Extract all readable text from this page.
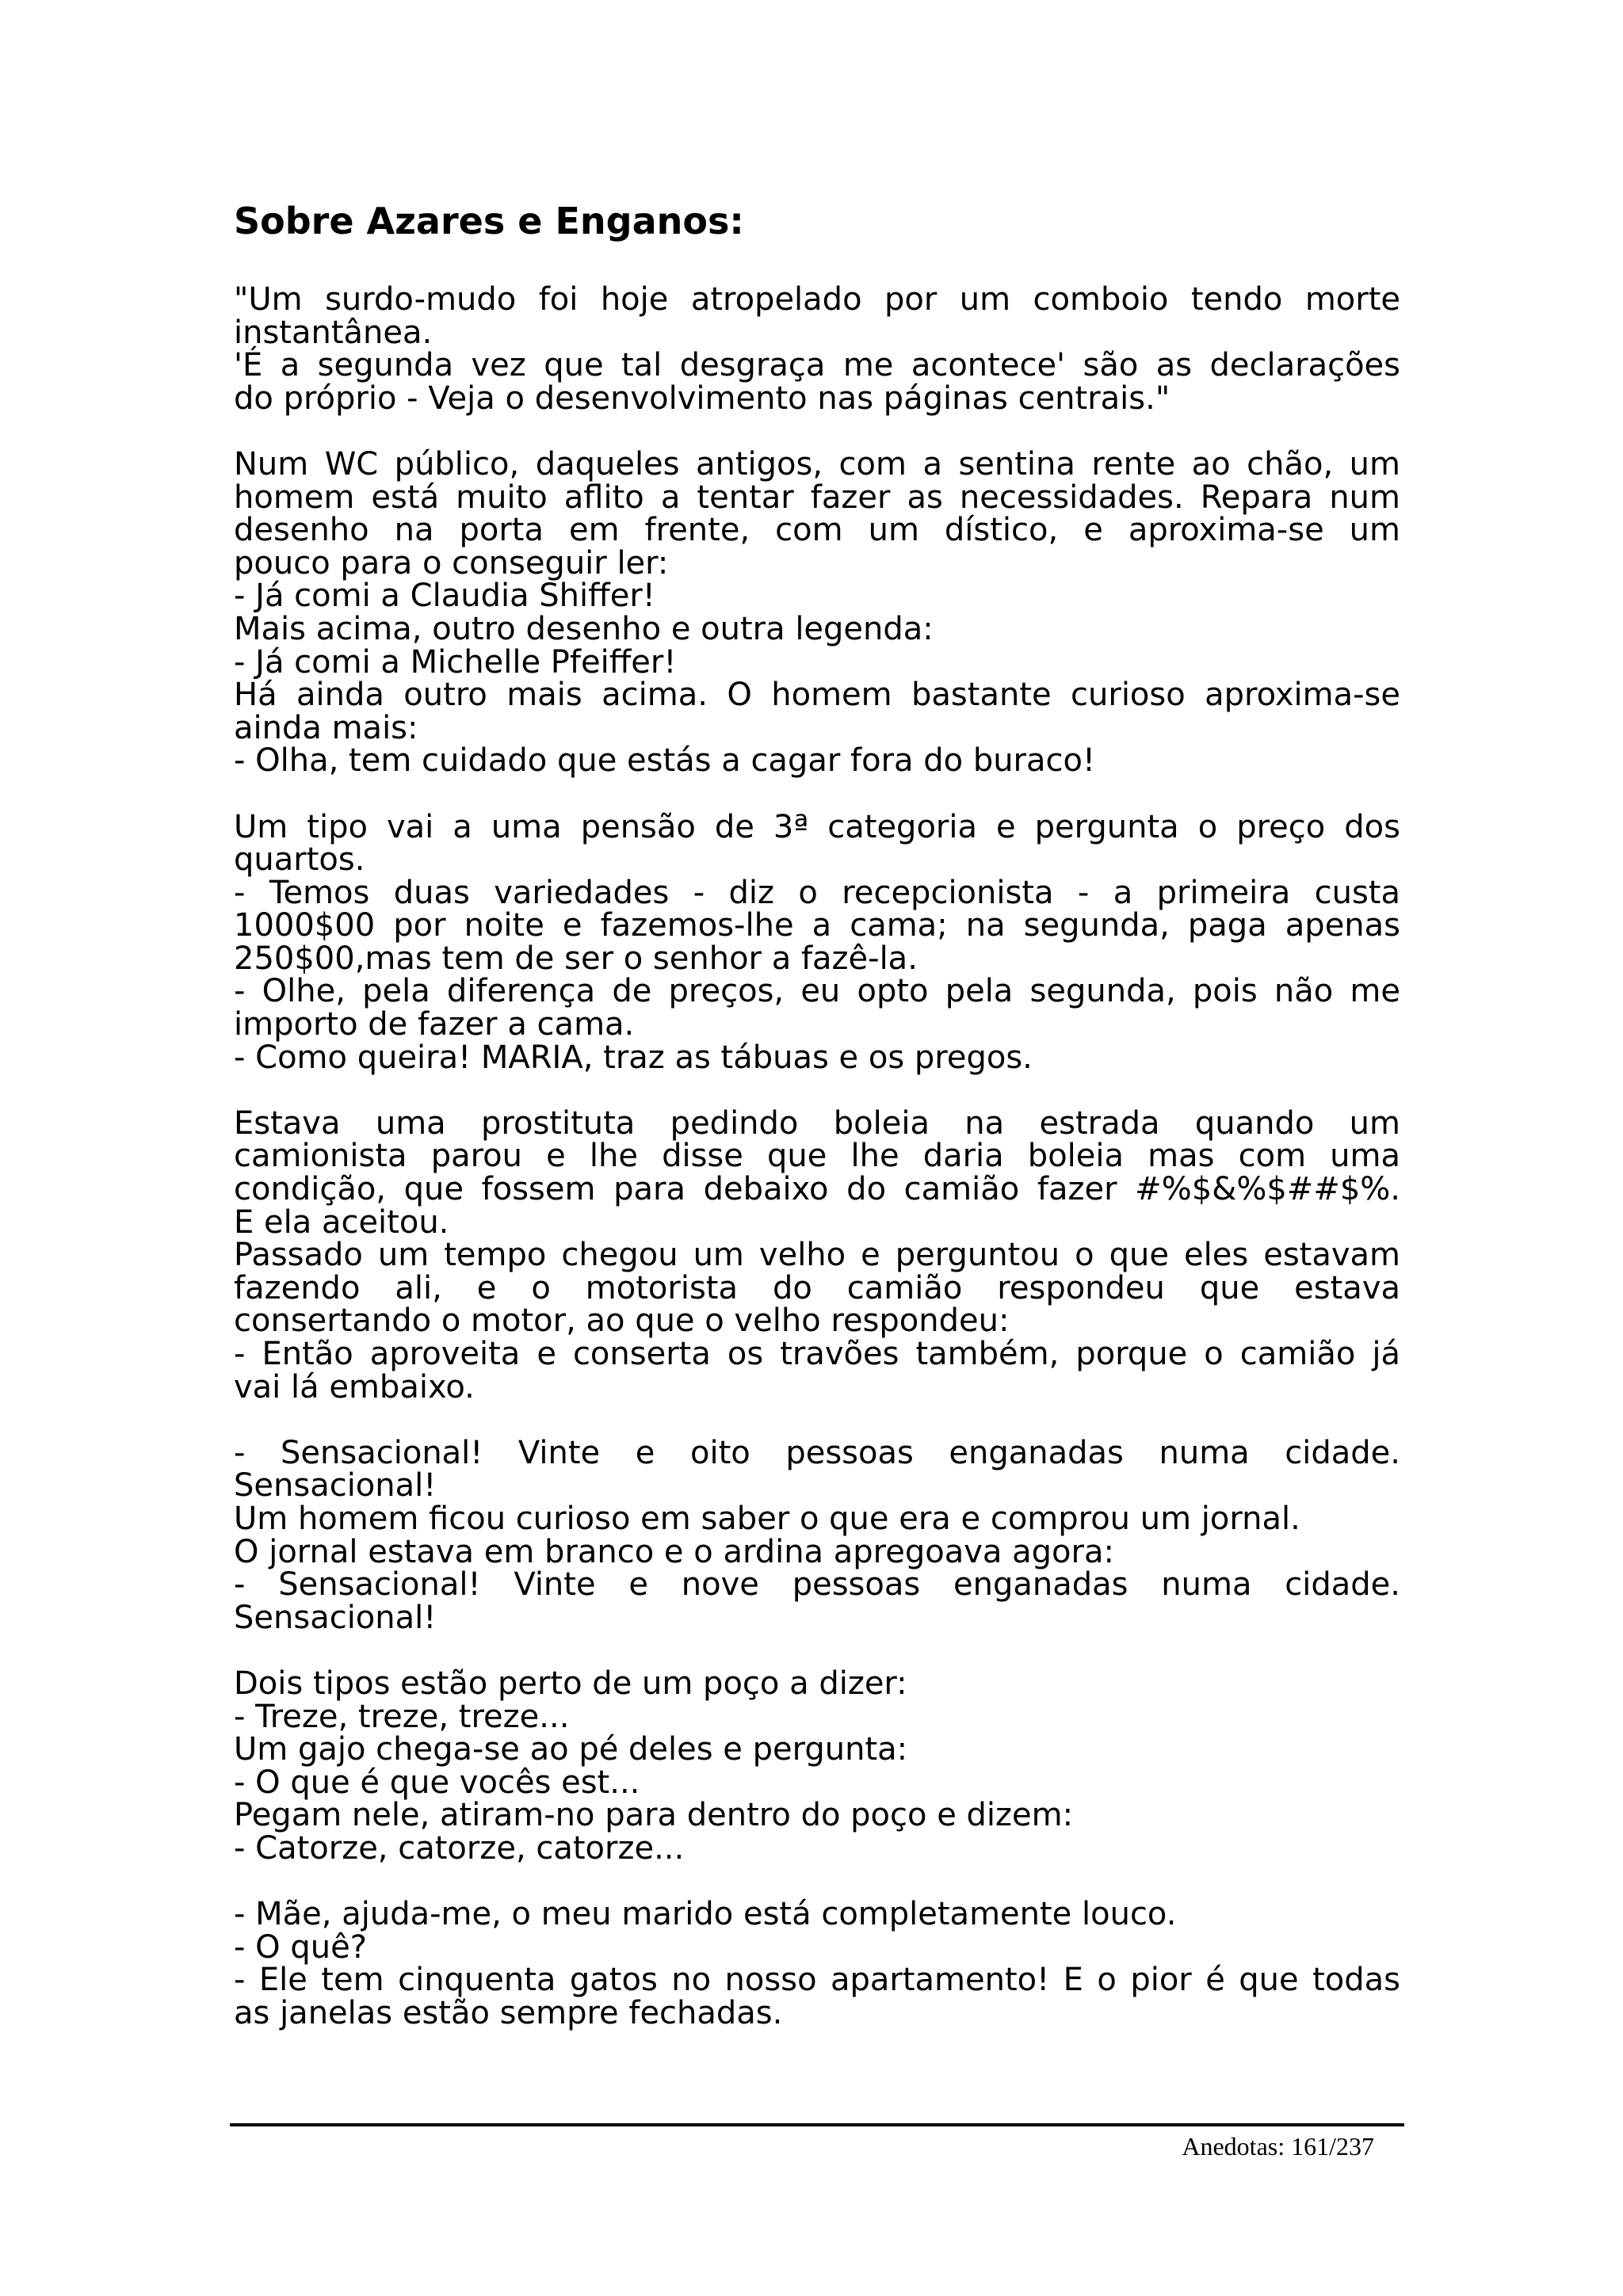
Sobre Azares e Enganos:
"Um surdo-mudo foi hoje atropelado por um comboio tendo morte
instantânea.
'É a segunda vez que tal desgraça me acontece' são as declarações
do próprio - Veja o desenvolvimento nas páginas centrais."
Num WC público, daqueles antigos, com a sentina rente ao chão, um
homem está muito aflito a tentar fazer as necessidades. Repara num
desenho na porta em frente, com um dístico, e aproxima-se um
pouco para o conseguir ler:
- Já comi a Claudia Shiffer!
Mais acima, outro desenho e outra legenda:
- Já comi a Michelle Pfeiffer!
Há ainda outro mais acima. O homem bastante curioso aproxima-se
ainda mais:
- Olha, tem cuidado que estás a cagar fora do buraco!
Um tipo vai a uma pensão de 3ª categoria e pergunta o preço dos
quartos.
- Temos duas variedades - diz o recepcionista - a primeira custa
1000$00 por noite e fazemos-lhe a cama; na segunda, paga apenas
250$00,mas tem de ser o senhor a fazê-la.
- Olhe, pela diferença de preços, eu opto pela segunda, pois não me
importo de fazer a cama.
- Como queira! MARIA, traz as tábuas e os pregos.
Estava uma prostituta pedindo boleia na estrada quando um
camionista parou e lhe disse que lhe daria boleia mas com uma
condição, que fossem para debaixo do camião fazer #%$&%$##$%.
E ela aceitou.
Passado um tempo chegou um velho e perguntou o que eles estavam
fazendo ali, e o motorista do camião respondeu que estava
consertando o motor, ao que o velho respondeu:
- Então aproveita e conserta os travões também, porque o camião já
vai lá embaixo.
- Sensacional! Vinte e oito pessoas enganadas numa cidade.
Sensacional!
Um homem ficou curioso em saber o que era e comprou um jornal.
O jornal estava em branco e o ardina apregoava agora:
- Sensacional! Vinte e nove pessoas enganadas numa cidade.
Sensacional!
Dois tipos estão perto de um poço a dizer:
- Treze, treze, treze...
Um gajo chega-se ao pé deles e pergunta:
- O que é que vocês est...
Pegam nele, atiram-no para dentro do poço e dizem:
- Catorze, catorze, catorze...
- Mãe, ajuda-me, o meu marido está completamente louco.
- O quê?
- Ele tem cinquenta gatos no nosso apartamento! E o pior é que todas
as janelas estão sempre fechadas.
Anedotas: 161/237
